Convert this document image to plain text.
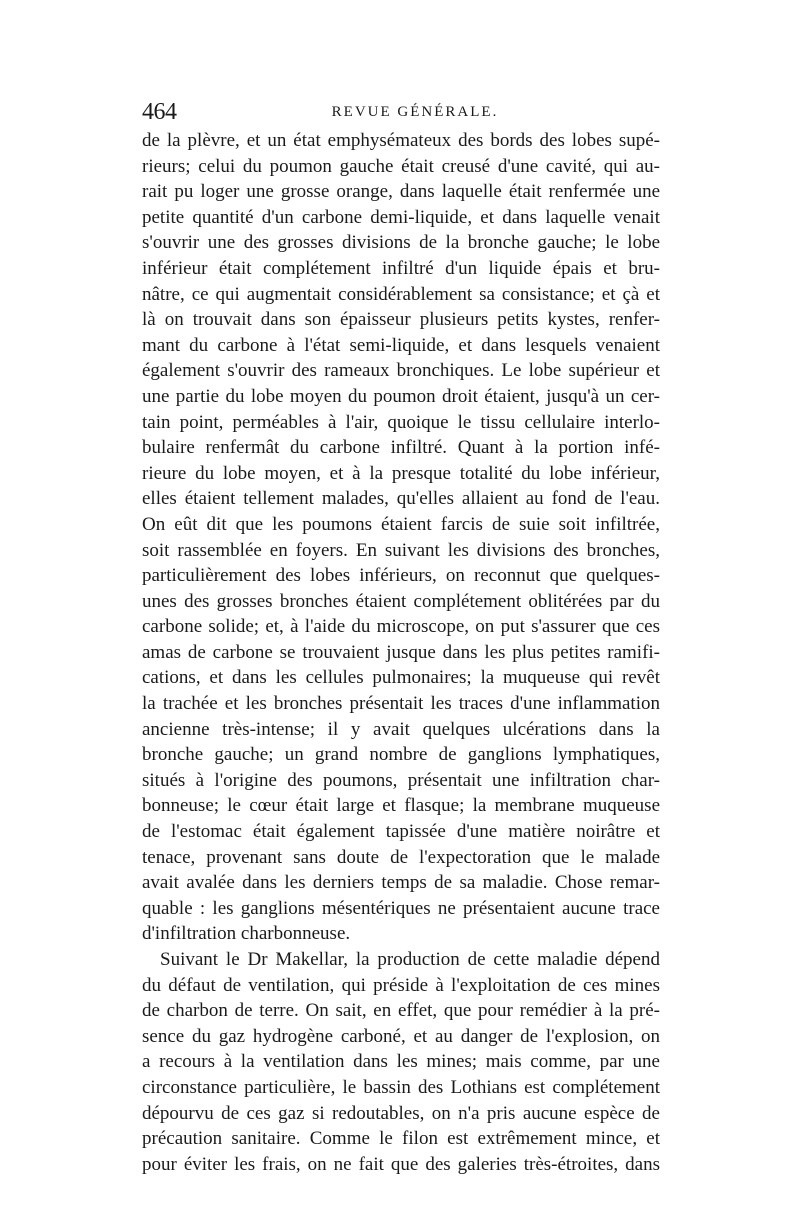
464	REVUE GÉNÉRALE.
de la plèvre, et un état emphysémateux des bords des lobes supé-
rieurs; celui du poumon gauche était creusé d'une cavité, qui au-
rait pu loger une grosse orange, dans laquelle était renfermée une
petite quantité d'un carbone demi-liquide, et dans laquelle venait
s'ouvrir une des grosses divisions de la bronche gauche; le lobe
inférieur était complétement infiltré d'un liquide épais et bru-
nâtre, ce qui augmentait considérablement sa consistance; et çà et
là on trouvait dans son épaisseur plusieurs petits kystes, renfer-
mant du carbone à l'état semi-liquide, et dans lesquels venaient
également s'ouvrir des rameaux bronchiques. Le lobe supérieur et
une partie du lobe moyen du poumon droit étaient, jusqu'à un cer-
tain point, perméables à l'air, quoique le tissu cellulaire interlo-
bulaire renfermât du carbone infiltré. Quant à la portion infé-
rieure du lobe moyen, et à la presque totalité du lobe inférieur,
elles étaient tellement malades, qu'elles allaient au fond de l'eau.
On eût dit que les poumons étaient farcis de suie soit infiltrée,
soit rassemblée en foyers. En suivant les divisions des bronches,
particulièrement des lobes inférieurs, on reconnut que quelques-
unes des grosses bronches étaient complétement oblitérées par du
carbone solide; et, à l'aide du microscope, on put s'assurer que ces
amas de carbone se trouvaient jusque dans les plus petites ramifi-
cations, et dans les cellules pulmonaires; la muqueuse qui revêt
la trachée et les bronches présentait les traces d'une inflammation
ancienne très-intense; il y avait quelques ulcérations dans la
bronche gauche; un grand nombre de ganglions lymphatiques,
situés à l'origine des poumons, présentait une infiltration char-
bonneuse; le cœur était large et flasque; la membrane muqueuse
de l'estomac était également tapissée d'une matière noirâtre et
tenace, provenant sans doute de l'expectoration que le malade
avait avalée dans les derniers temps de sa maladie. Chose remar-
quable : les ganglions mésentériques ne présentaient aucune trace
d'infiltration charbonneuse.
Suivant le Dr Makellar, la production de cette maladie dépend
du défaut de ventilation, qui préside à l'exploitation de ces mines
de charbon de terre. On sait, en effet, que pour remédier à la pré-
sence du gaz hydrogène carboné, et au danger de l'explosion, on
a recours à la ventilation dans les mines; mais comme, par une
circonstance particulière, le bassin des Lothians est complétement
dépourvu de ces gaz si redoutables, on n'a pris aucune espèce de
précaution sanitaire. Comme le filon est extrêmement mince, et
pour éviter les frais, on ne fait que des galeries très-étroites, dans
